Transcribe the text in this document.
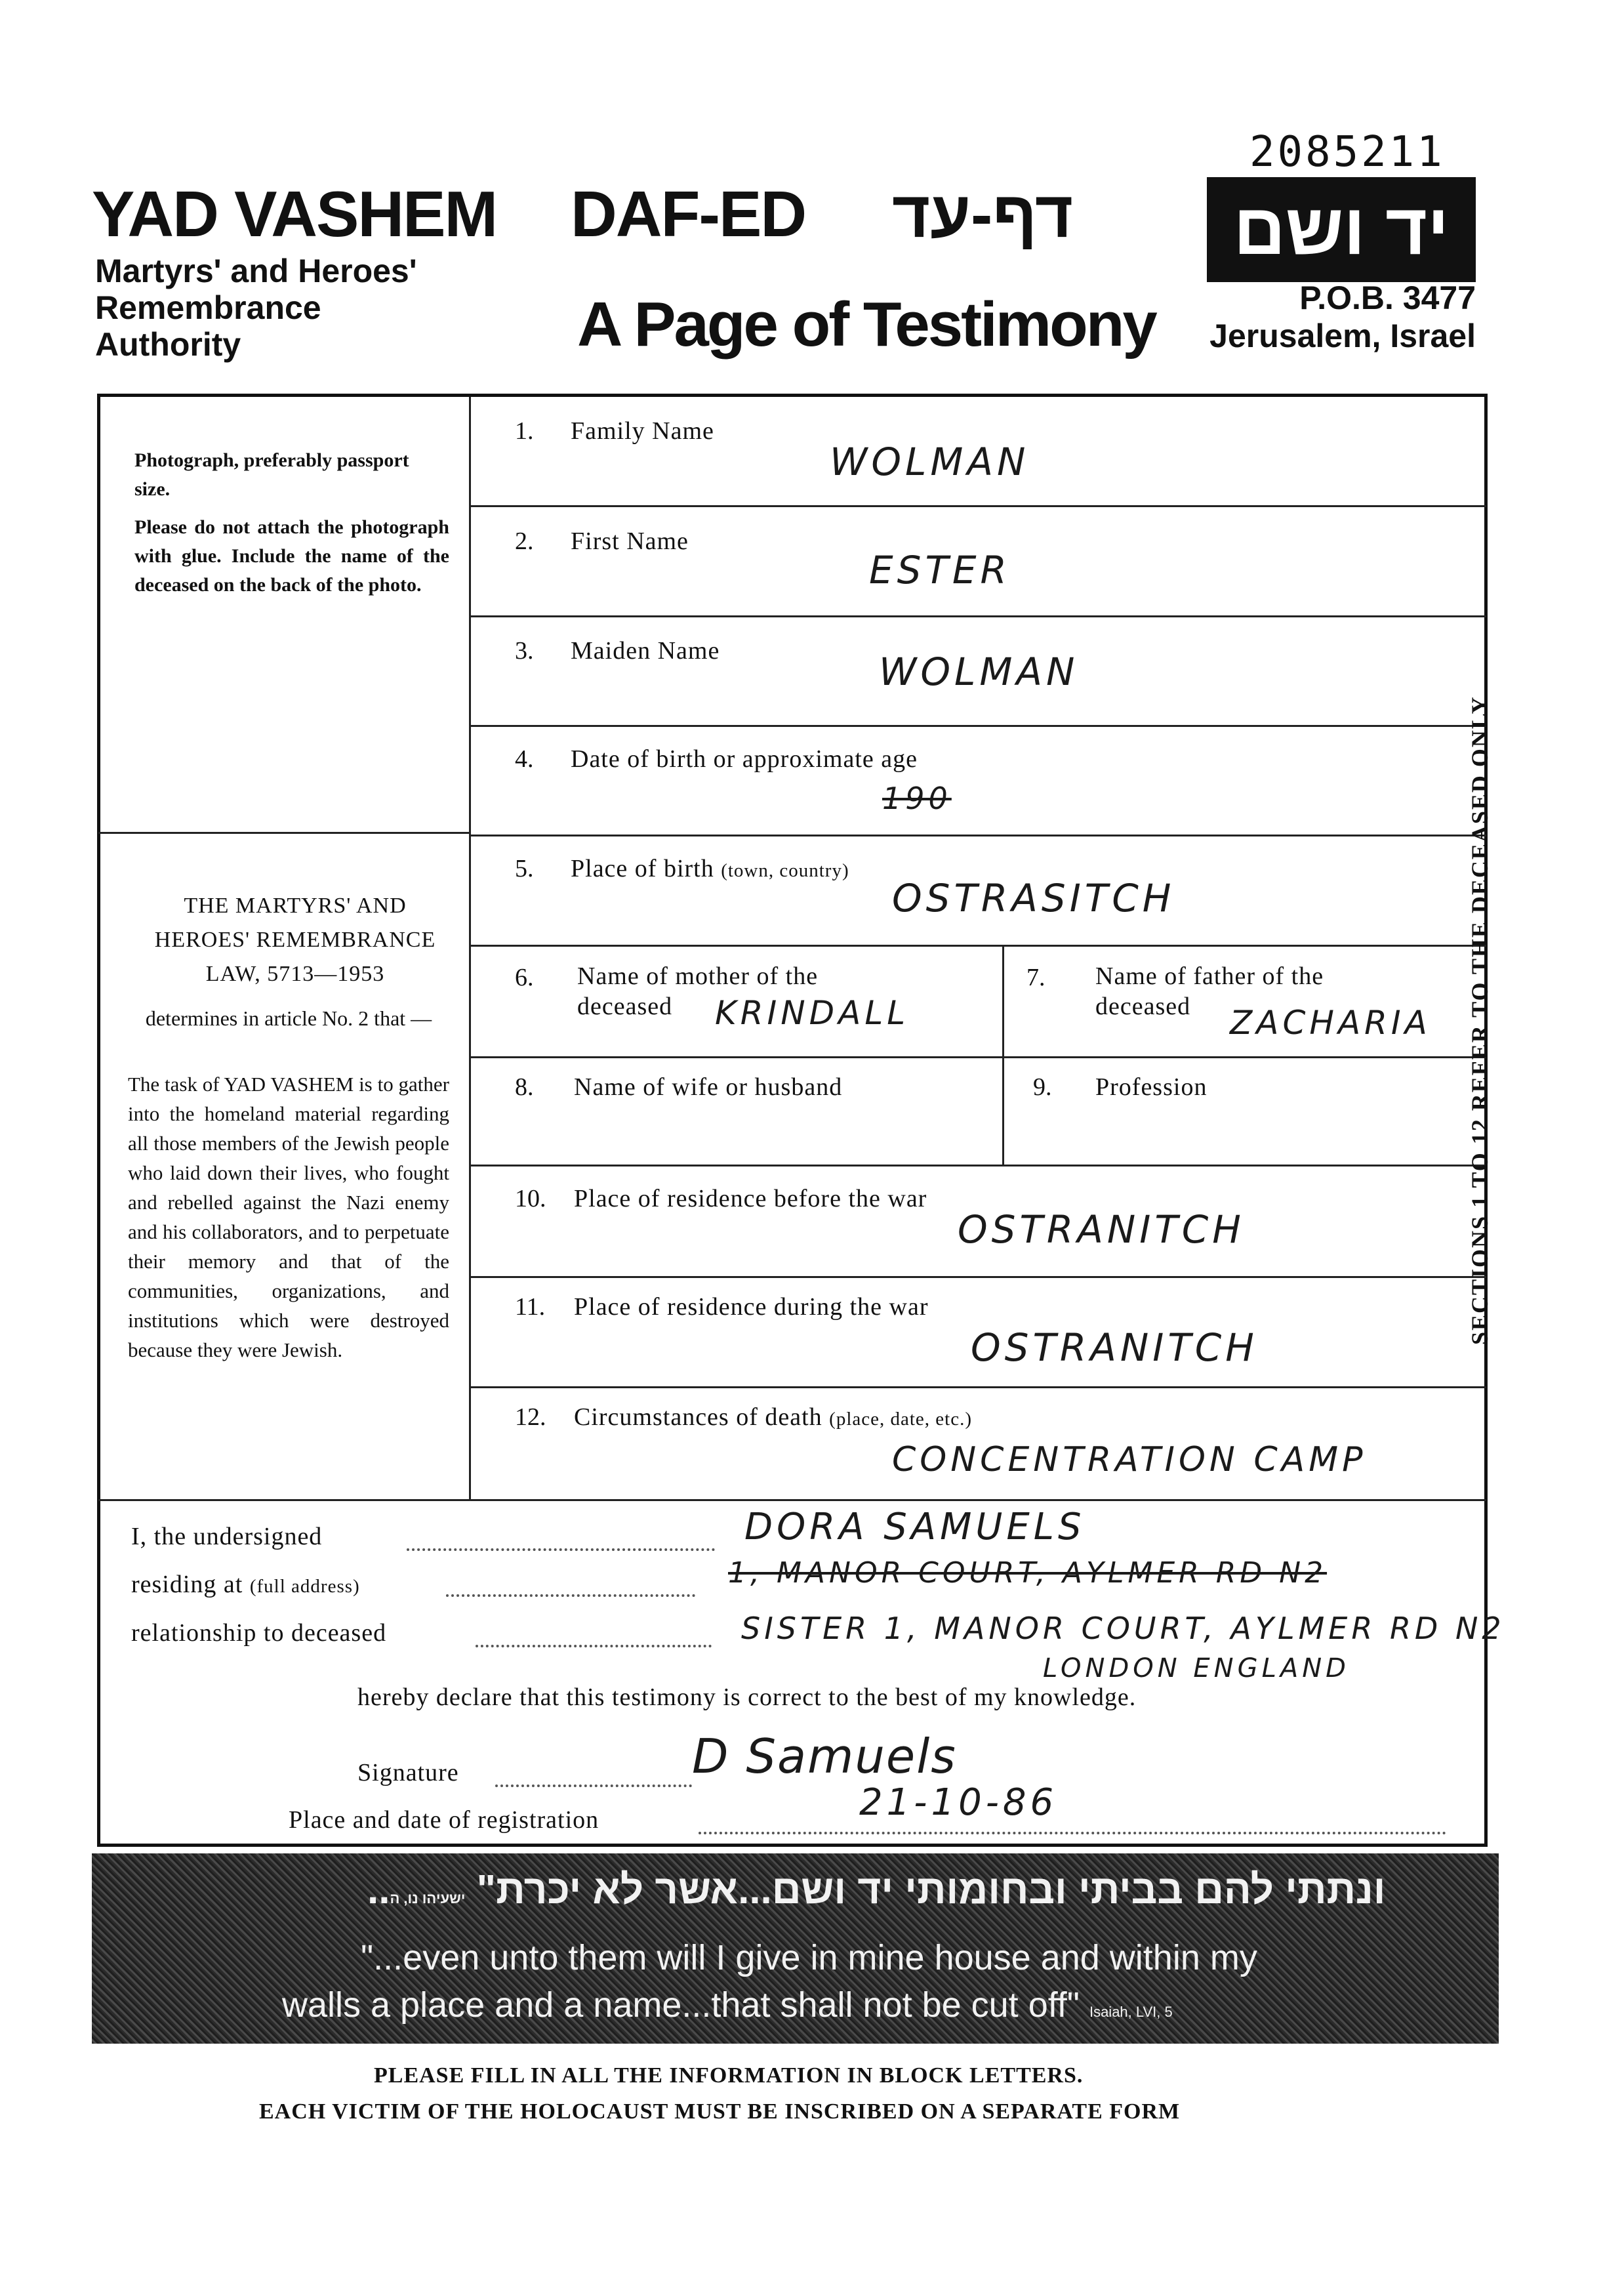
2085211
YAD VASHEM
Martyrs' and Heroes'
Remembrance
Authority
DAF-ED
A Page of Testimony
דף-עד	יד ושם
P.O.B. 3477
Jerusalem, Israel
Photograph, preferably passport size.
Please do not attach the photograph with glue. Include the name of the deceased on the back of the photo.
THE MARTYRS' AND HEROES' REMEMBRANCE LAW, 5713—1953
determines in article No. 2 that —
The task of YAD VASHEM is to gather into the homeland material regarding all those members of the Jewish people who laid down their lives, who fought and rebelled against the Nazi enemy and his collaborators, and to perpetuate their memory and that of the communities, organizations, and institutions which were destroyed because they were Jewish.
1. Family Name
WOLMAN
2. First Name
ESTER
3. Maiden Name	WOLMAN
4. Date of birth or approximate age
190
5. Place of birth (town, country)
OSTRASITCH
6. Name of mother of the
deceased	KRINDALL
7. Name of father of the
deceased	ZACHARIA
8. Name of wife or husband	9. Profession
10. Place of residence before the war
OSTRANITCH
11. Place of residence during the war
OSTRANITCH
12. Circumstances of death (place, date, etc.)
CONCENTRATION CAMP
SECTIONS 1 TO 12 REFER TO THE DECEASED ONLY
I, the undersigned	DORA SAMUELS
residing at (full address)	1, MANOR COURT, AYLMER RD N2
relationship to deceased	SISTER 1, MANOR COURT, AYLMER RD N2
LONDON ENGLAND
hereby declare that this testimony is correct to the best of my knowledge.
Signature	D Samuels
Place and date of registration	21-10-86
..ונתתי להם בביתי ובחומותי יד ושם...אשר לא יכרת" ישעיהו נו, ה
"...even unto them will I give in mine house and within my
walls a place and a name...that shall not be cut off" Isaiah, LVI, 5
PLEASE FILL IN ALL THE INFORMATION IN BLOCK LETTERS.
EACH VICTIM OF THE HOLOCAUST MUST BE INSCRIBED ON A SEPARATE FORM
